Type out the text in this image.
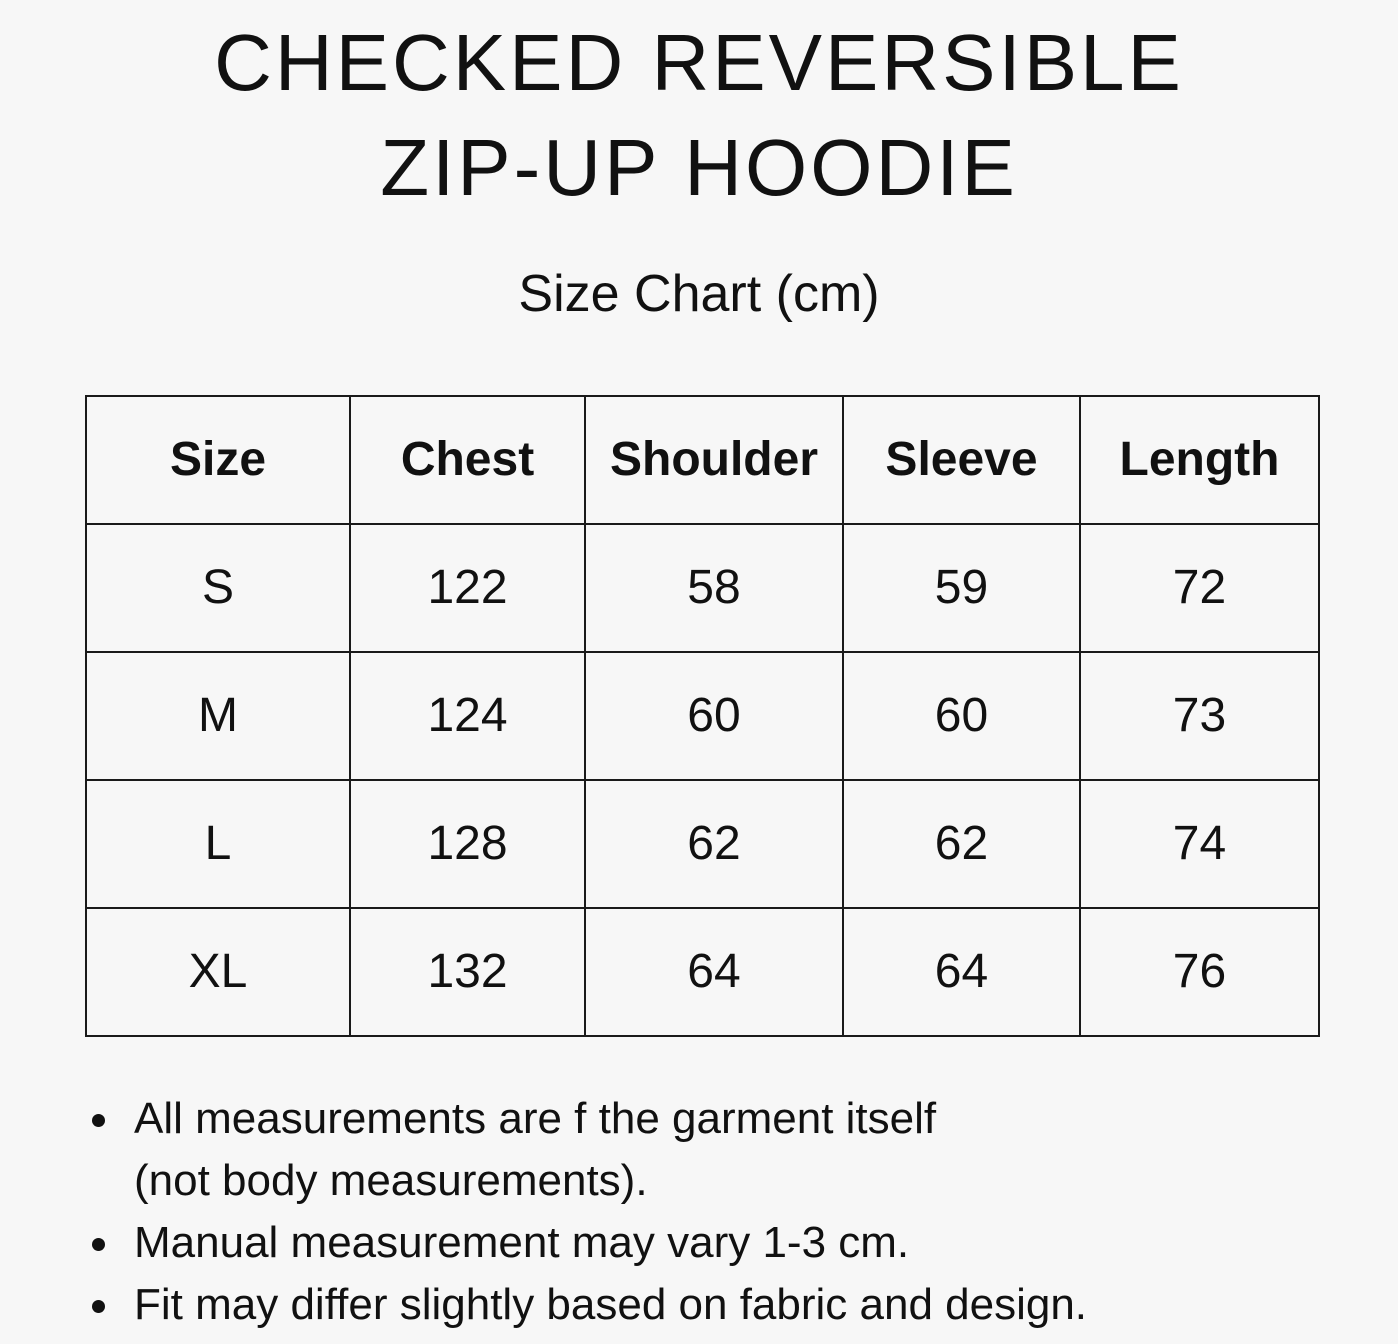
CHECKED REVERSIBLE
ZIP-UP HOODIE
Size Chart (cm)
Size	Chest	Shoulder	Sleeve	Length
S	122	58	59	72
M	124	60	60	73
L	128	62	62	74
XL	132	64	64	76
All measurements are f the garment itself
(not body measurements).
Manual measurement may vary 1-3 cm.
Fit may differ slightly based on fabric and design.
